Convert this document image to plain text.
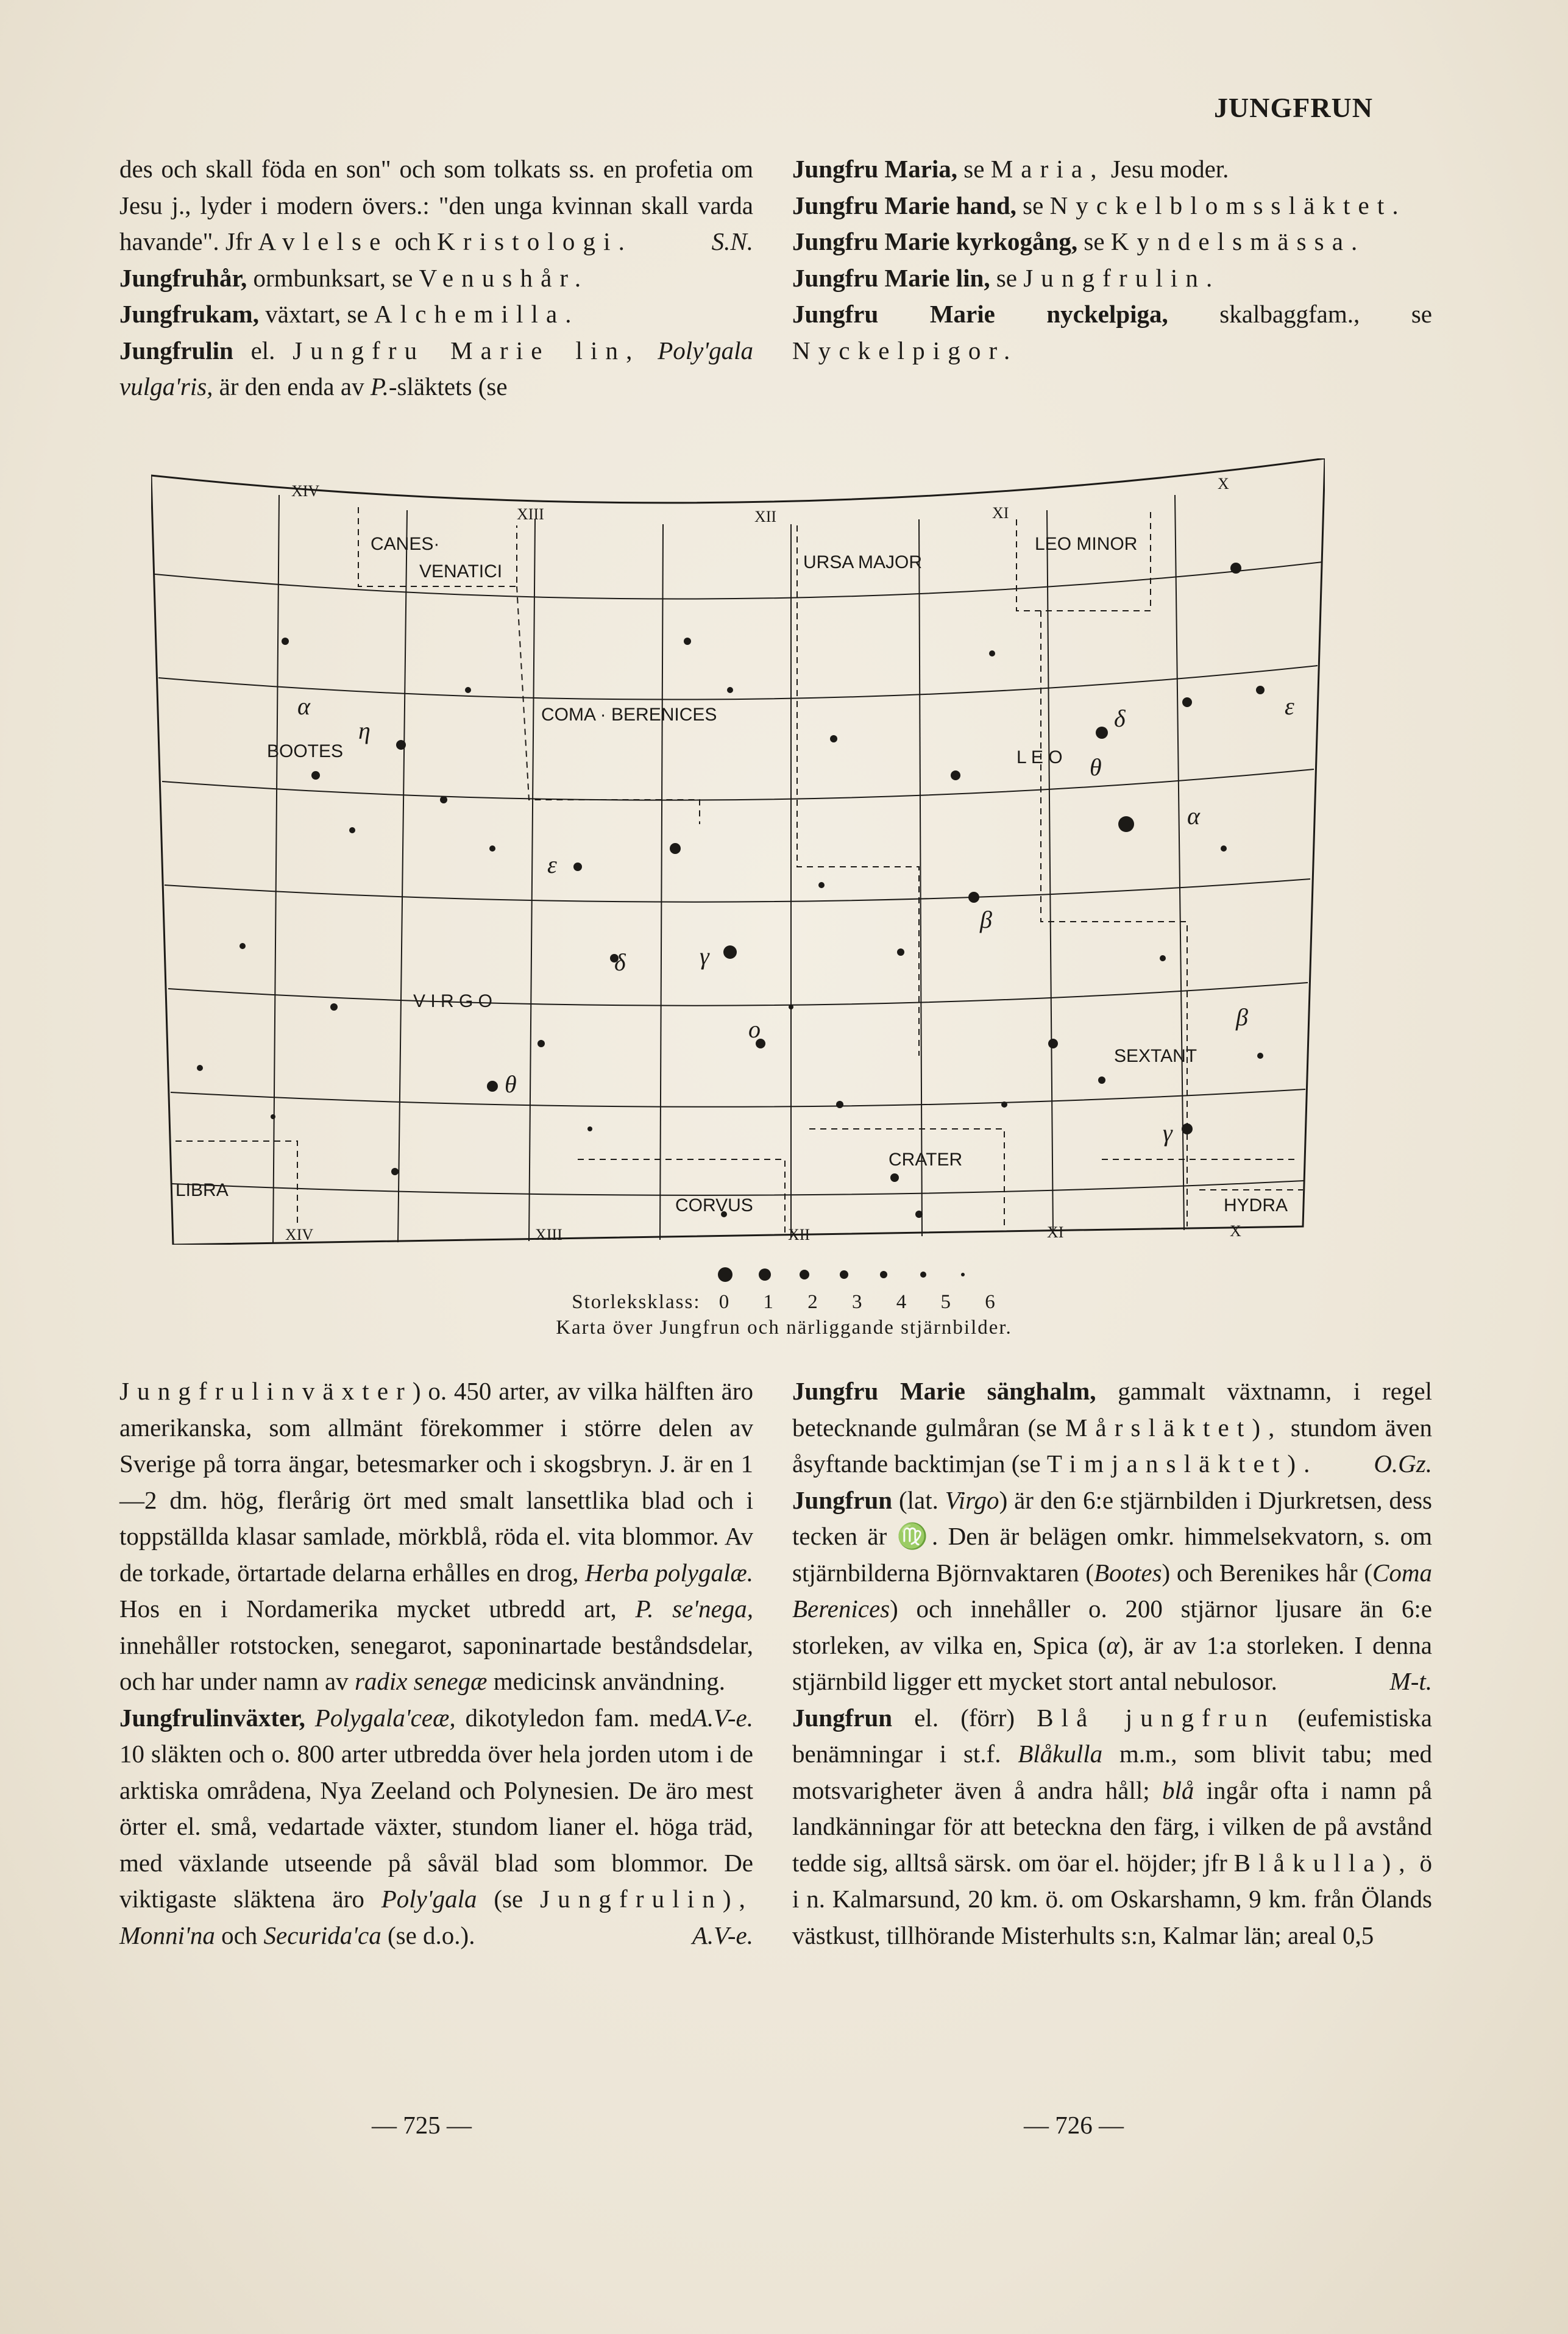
JUNGFRUN

des och skall föda en son" och som tolkats ss. en profetia om Jesu j., lyder i modern övers.: "den unga kvinnan skall varda havande". Jfr Avlelse och Kristologi.	S.N.

Jungfruhår, ormbunksart, se Venushår.

Jungfrukam, växtart, se Alchemilla.

Jungfrulin el. Jungfru Marie lin, Poly'gala vulga'ris, är den enda av P.-släktets (se

Jungfru Maria, se Maria, Jesu moder.

Jungfru Marie hand, se Nyckelblomssläktet.

Jungfru Marie kyrkogång, se Kyndelsmässa.

Jungfru Marie lin, se Jungfrulin.

Jungfru Marie nyckelpiga, skalbaggfam., se Nyckelpigor.

CANES·
VENATICI	URSA MAJOR
LEO MINOR
COMA · BERENICES
BOOTES	L E O
V I R G O
SEXTANT
CRATER
CORVUS
LIBRA
HYDRA
XIV	XIII	XII	XI	X
XIV
XIII	XII	XI
X
α
η
ε
δ	γ
θ
ο
β
δ
θ
ε
α
β
γ
Storleksklass: 0 1 2 3 4 5 6
Karta över Jungfrun och närliggande stjärnbilder.

Jungfrulinväxter) o. 450 arter, av vilka hälften äro amerikanska, som allmänt förekommer i större delen av Sverige på torra ängar, betesmarker och i skogsbryn. J. är en 1—2 dm. hög, flerårig ört med smalt lansettlika blad och i toppställda klasar samlade, mörkblå, röda el. vita blommor. Av de torkade, örtartade delarna erhålles en drog, Herba polygalæ. Hos en i Nordamerika mycket utbredd art, P. se'nega, innehåller rotstocken, senegarot, saponinartade beståndsdelar, och har under namn av radix senegæ medicinsk användning.
A.V-e.

Jungfrulinväxter, Polygala'ceæ, dikotyledon fam. med 10 släkten och o. 800 arter utbredda över hela jorden utom i de arktiska områdena, Nya Zeeland och Polynesien. De äro mest örter el. små, vedartade växter, stundom lianer el. höga träd, med växlande utseende på såväl blad som blommor. De viktigaste släktena äro Poly'gala (se Jungfrulin), Monni'na och Securida'ca (se d.o.).	A.V-e.

Jungfru Marie sänghalm, gammalt växtnamn, i regel betecknande gulmåran (se Mårsläktet), stundom även åsyftande backtimjan (se Timjansläktet). O.Gz.

Jungfrun (lat. Virgo) är den 6:e stjärnbilden i Djurkretsen, dess tecken är ♍. Den är belägen omkr. himmelsekvatorn, s. om stjärnbilderna Björnvaktaren (Bootes) och Berenikes hår (Coma Berenices) och innehåller o. 200 stjärnor ljusare än 6:e storleken, av vilka en, Spica (α), är av 1:a storleken. I denna stjärnbild ligger ett mycket stort antal nebulosor.	M-t.

Jungfrun el. (förr) Blå jungfrun (eufemistiska benämningar i st.f. Blåkulla m.m., som blivit tabu; med motsvarigheter även å andra håll; blå ingår ofta i namn på landkänningar för att beteckna den färg, i vilken de på avstånd tedde sig, alltså särsk. om öar el. höjder; jfr Blåkulla), ö i n. Kalmarsund, 20 km. ö. om Oskarshamn, 9 km. från Ölands västkust, tillhörande Misterhults s:n, Kalmar län; areal 0,5

— 725 —	— 726 —
